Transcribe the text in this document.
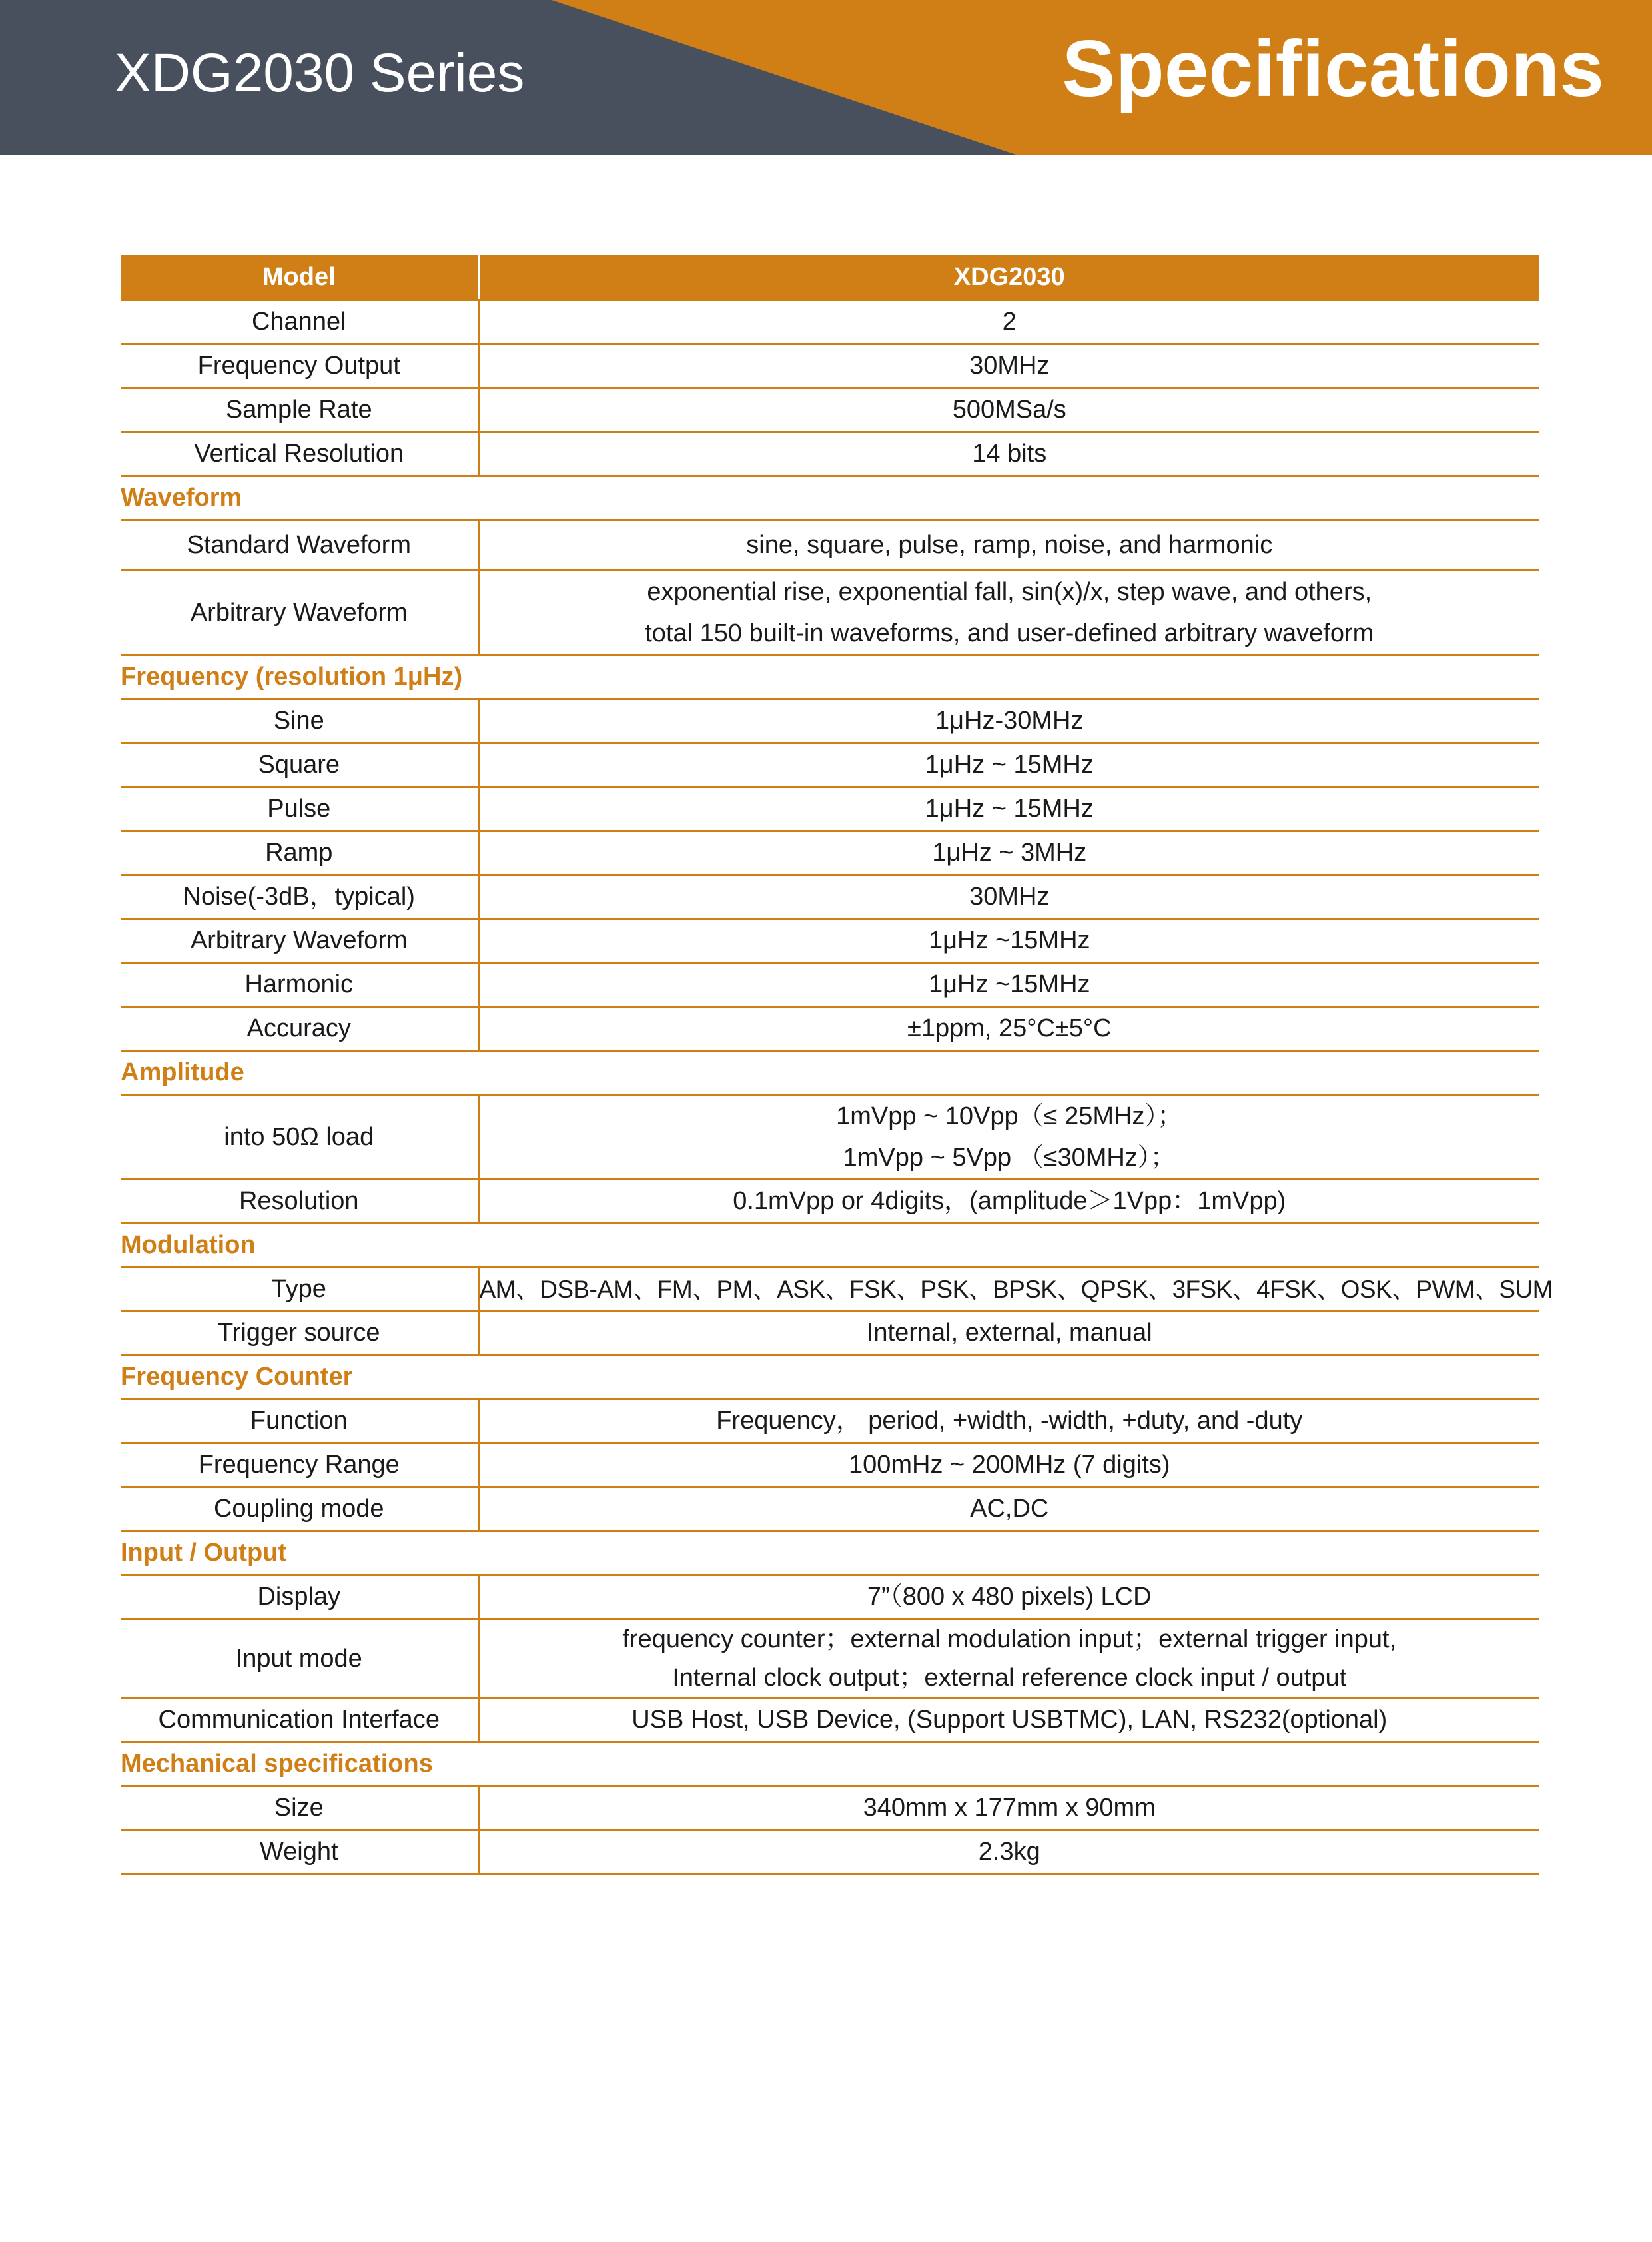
XDG2030 Series	Specifications
Model	XDG2030
Channel	2
Frequency Output	30MHz
Sample Rate	500MSa/s
Vertical Resolution	14 bits
Waveform	
Standard Waveform	sine, square, pulse, ramp, noise, and harmonic
Arbitrary Waveform	exponential rise, exponential fall, sin(x)/x, step wave, and others,
total 150 built-in waveforms, and user-defined arbitrary waveform

Frequency (resolution 1μHz)	
Sine	1μHz-30MHz
Square	1μHz ~ 15MHz
Pulse	1μHz ~ 15MHz
Ramp	1μHz ~ 3MHz
Noise(-3dB，typical)	30MHz
Arbitrary Waveform	1μHz ~15MHz
Harmonic	1μHz ~15MHz
Accuracy	±1ppm, 25°C±5°C
Amplitude	
into 50Ω load	1mVpp ~ 10Vpp（≤ 25MHz）；
1mVpp ~ 5Vpp （≤30MHz）；

Resolution	0.1mVpp or 4digits，(amplitude＞1Vpp：1mVpp)
Modulation	
Type	AM、DSB-AM、FM、PM、ASK、FSK、PSK、BPSK、QPSK、3FSK、4FSK、OSK、PWM、SUM
Trigger source	Internal, external, manual
Frequency Counter	
Function	Frequency， period, +width, -width, +duty, and -duty
Frequency Range	100mHz ~ 200MHz (7 digits)
Coupling mode	AC,DC
Input / Output	
Display	7”（800 x 480 pixels) LCD
Input mode	frequency counter；external modulation input；external trigger input,
Internal clock output；external reference clock input / output

Communication Interface	USB Host, USB Device, (Support USBTMC), LAN, RS232(optional)
Mechanical specifications	
Size	340mm x 177mm x 90mm
Weight	2.3kg
